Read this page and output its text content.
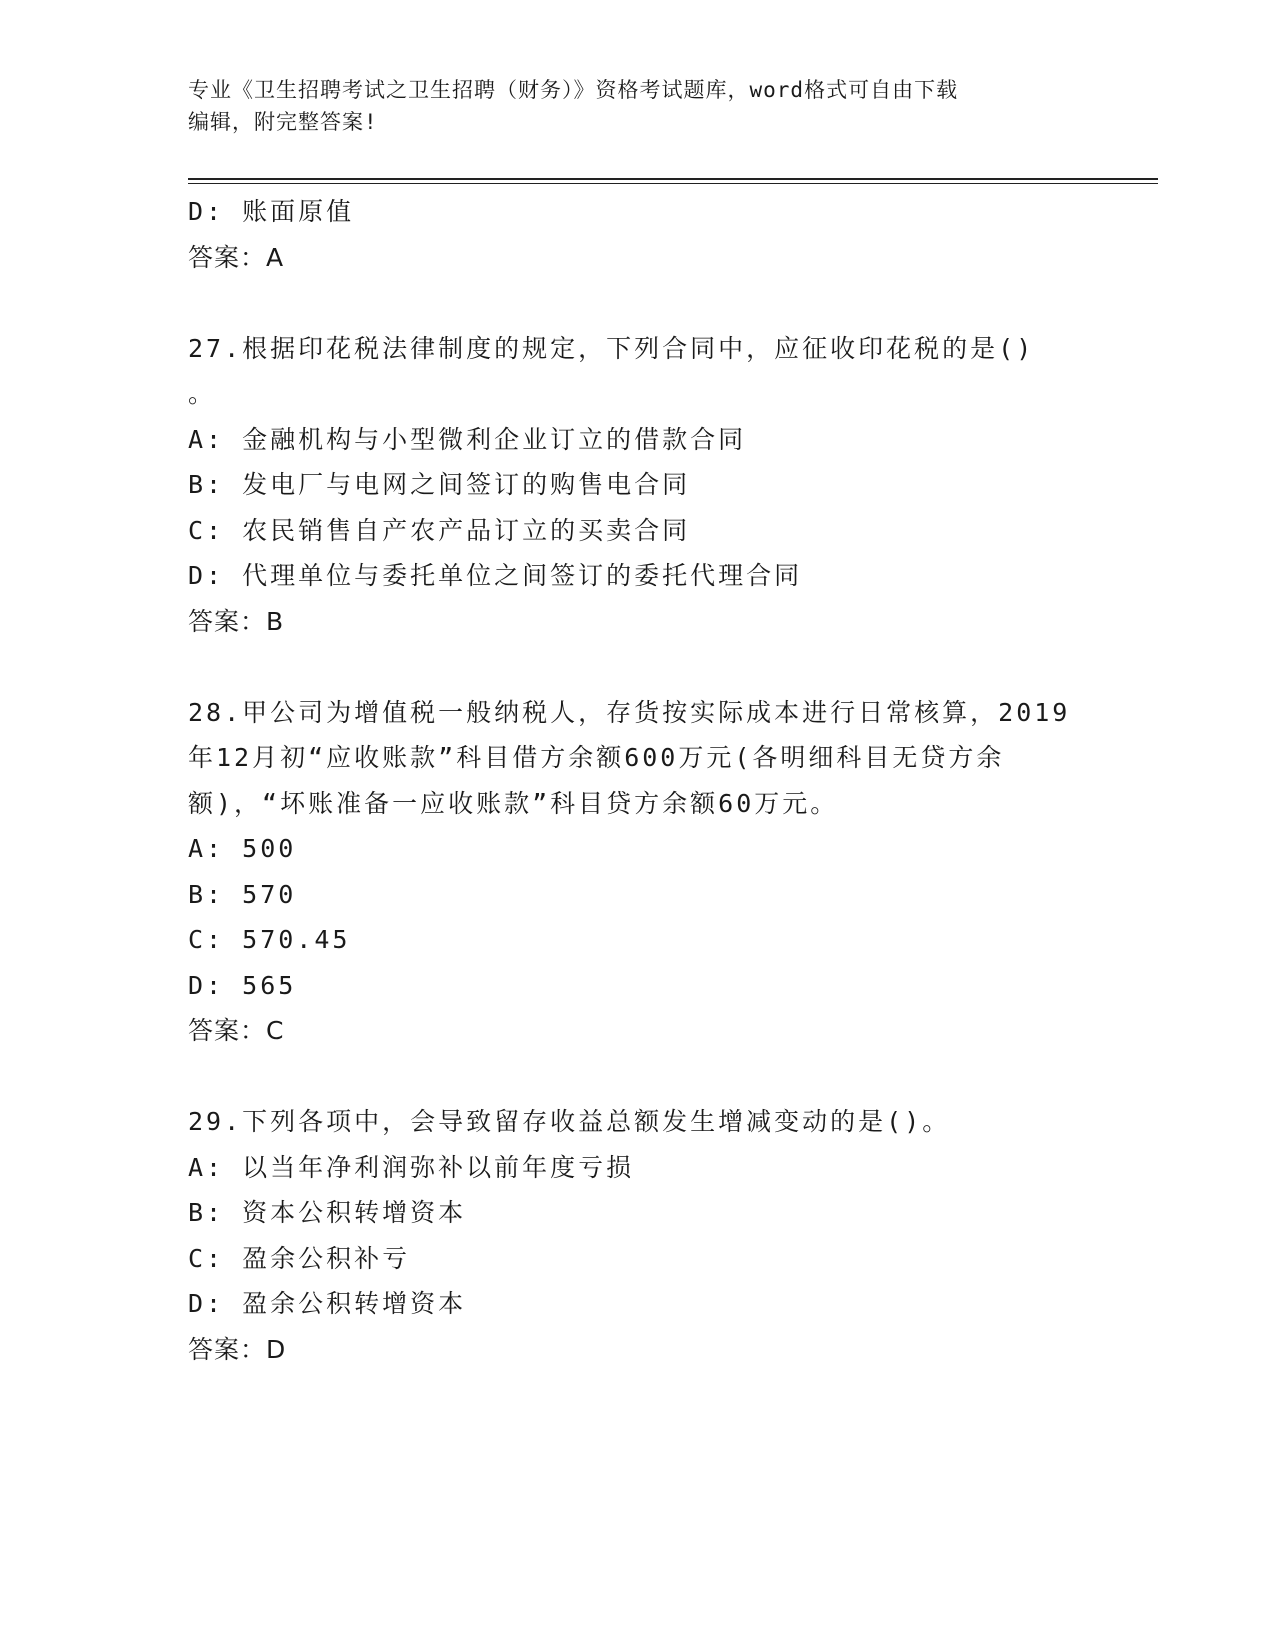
专业《卫生招聘考试之卫生招聘（财务）》资格考试题库，word格式可自由下载
编辑，附完整答案!
D: 账面原值
答案：A
27.根据印花税法律制度的规定，下列合同中，应征收印花税的是()
。
A: 金融机构与小型微利企业订立的借款合同
B: 发电厂与电网之间签订的购售电合同
C: 农民销售自产农产品订立的买卖合同
D: 代理单位与委托单位之间签订的委托代理合同
答案：B
28.甲公司为增值税一般纳税人，存货按实际成本进行日常核算，2019
年12月初“应收账款”科目借方余额600万元(各明细科目无贷方余
额)，“坏账准备一应收账款”科目贷方余额60万元。
A: 500
B: 570
C: 570.45
D: 565
答案：C
29.下列各项中，会导致留存收益总额发生增减变动的是()。
A: 以当年净利润弥补以前年度亏损
B: 资本公积转增资本
C: 盈余公积补亏
D: 盈余公积转增资本
答案：D
